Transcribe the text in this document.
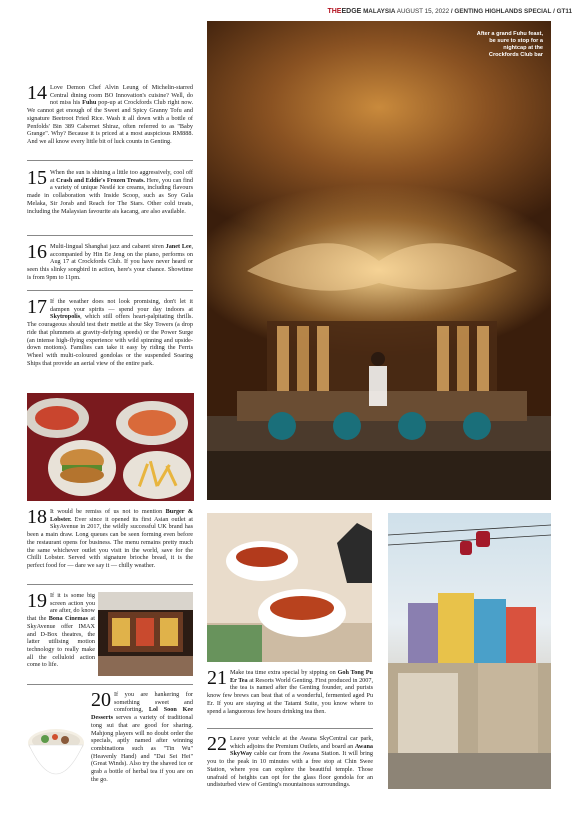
THEEDGE MALAYSIA AUGUST 15, 2022 / GENTING HIGHLANDS SPECIAL / GT11
After a grand Fuhu feast, be sure to stop for a nightcap at the Crockfords Club bar
14 Love Demon Chef Alvin Leung of Michelin-starred Central dining room BO Innovation's cuisine? Well, do not miss his Fuhu pop-up at Crockfords Club right now. We cannot get enough of the Sweet and Spicy Granny Tofu and signature Beetroot Fried Rice. Wash it all down with a bottle of Penfolds' Bin 389 Cabernet Shiraz, often referred to as "Baby Grange". Why? Because it is priced at a most auspicious RM888. And we all know every little bit of luck counts in Genting.
15 When the sun is shining a little too aggressively, cool off at Crash and Eddie's Frozen Treats. Here, you can find a variety of unique Nestlé ice creams, including flavours made in collaboration with Inside Scoop, such as Soy Gula Melaka, Sir Jorab and Reach for The Stars. Other cold treats, including the Malaysian favourite ais kacang, are also available.
16 Multi-lingual Shanghai jazz and cabaret siren Janet Lee, accompanied by Hin Ee Jeng on the piano, performs on Aug 17 at Crockfords Club. If you have never heard or seen this slinky songbird in action, here's your chance. Showtime is from 9pm to 11pm.
17 If the weather does not look promising, don't let it dampen your spirits — spend your day indoors at Skytropolis, which still offers heart-palpitating thrills. The courageous should test their mettle at the Sky Towers (a drop ride that plummets at gravity-defying speeds) or the Power Surge (an intense high-flying experience with wild spinning and upside-down motions). Families can take it easy by riding the Ferris Wheel with multi-coloured gondolas or the suspended Soaring Ships that provide an aerial view of the entire park.
18 It would be remiss of us not to mention Burger & Lobster. Ever since it opened its first Asian outlet at SkyAvenue in 2017, the wildly successful UK brand has been a main draw. Long queues can be seen forming even before the restaurant opens for business. The menu remains pretty much the same whichever outlet you visit in the world, save for the Chilli Lobster. Served with signature brioche bread, it is the perfect food for — dare we say it — chilly weather.
19 If it is some big screen action you are after, do know that the Bona Cinemas at SkyAvenue offer IMAX and D-Box theatres, the latter utilising motion technology to really make all the celluloid action come to life.
20 If you are hankering for something sweet and comforting, Lol Soon Kee Desserts serves a variety of traditional tong sui that are good for sharing. Mahjong players will no doubt order the specials, aptly named after winning combinations such as "Tin Wu" (Heavenly Hand) and "Dai Sei Hei" (Great Winds). Also try the shaved ice or grab a bottle of herbal tea if you are on the go.
21 Make tea time extra special by sipping on Goh Tong Pu Er Tea at Resorts World Genting. First produced in 2007, the tea is named after the Genting founder, and purists know few brews can beat that of a wonderful, fermented aged Pu Er. If you are staying at the Tatami Suite, you know where to spend a languorous few hours drinking tea then.
22 Leave your vehicle at the Awana SkyCentral car park, which adjoins the Premium Outlets, and board an Awana SkyWay cable car from the Awana Station. It will bring you to the peak in 10 minutes with a free stop at Chin Swee Station, where you can explore the beautiful temple. Those unafraid of heights can opt for the glass floor gondola for an undisturbed view of Genting's mountainous surroundings.
